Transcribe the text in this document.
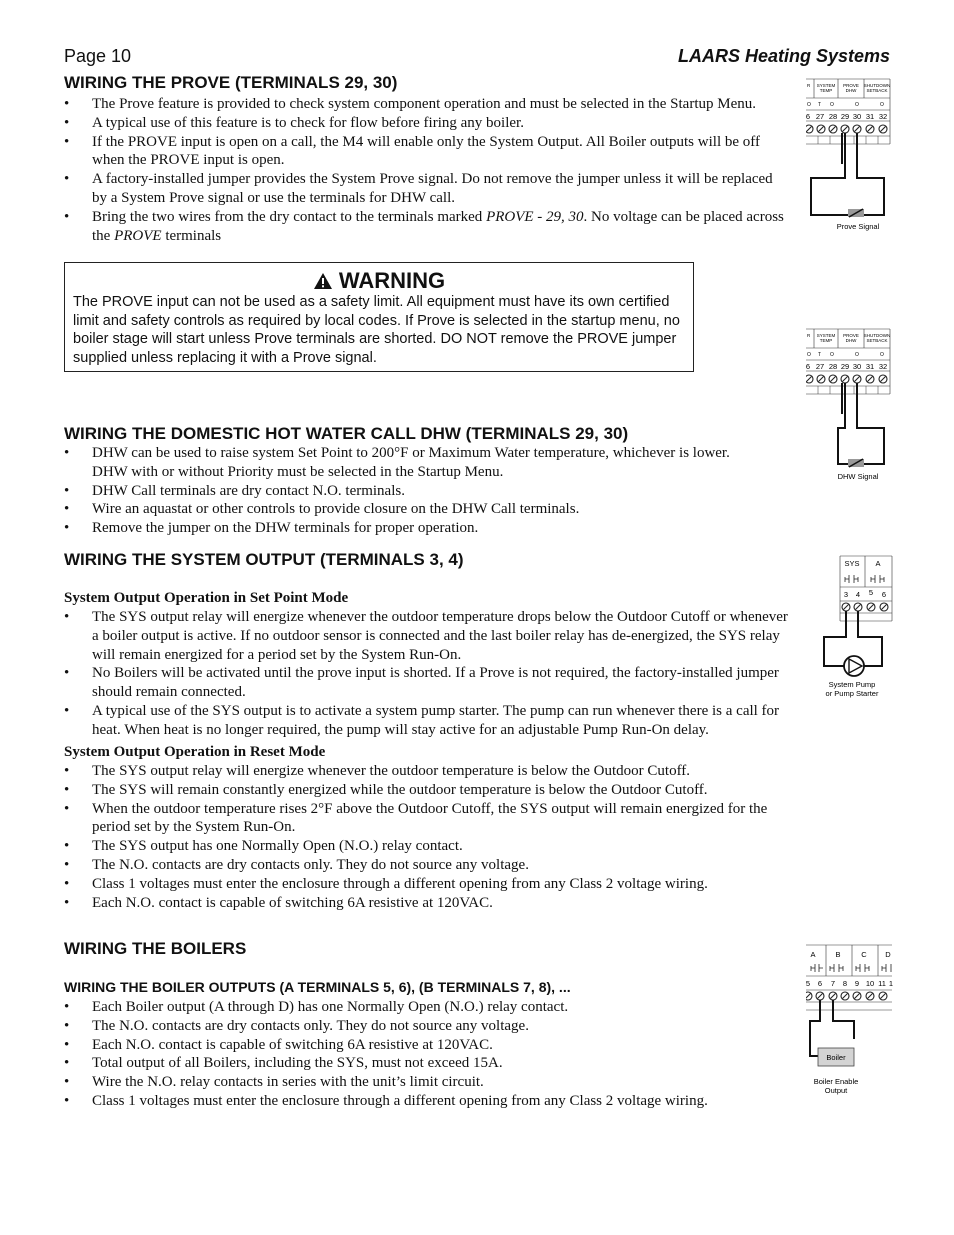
Page 10	LAARS Heating Systems
WIRING THE PROVE (TERMINALS 29, 30)
• The Prove feature is provided to check system component operation and must be selected in the Startup Menu.
• A typical use of this feature is to check for flow before firing any boiler.
• If the PROVE input is open on a call, the M4 will enable only the System Output. All Boiler outputs will be off when the PROVE input is open.
• A factory-installed jumper provides the System Prove signal. Do not remove the jumper unless it will be replaced by a System Prove signal or use the terminals for DHW call.
• Bring the two wires from the dry contact to the terminals marked PROVE - 29, 30. No voltage can be placed across the PROVE terminals
WARNING
The PROVE input can not be used as a safety limit. All equipment must have its own certified limit and safety controls as required by local codes. If Prove is selected in the startup menu, no boiler stage will start unless Prove terminals are shorted. DO NOT remove the PROVE jumper supplied unless replacing it with a Prove signal.
WIRING THE DOMESTIC HOT WATER CALL DHW (TERMINALS 29, 30)
• DHW can be used to raise system Set Point to 200°F or Maximum Water temperature, whichever is lower. DHW with or without Priority must be selected in the Startup Menu.
• DHW Call terminals are dry contact N.O. terminals.
• Wire an aquastat or other controls to provide closure on the DHW Call terminals.
• Remove the jumper on the DHW terminals for proper operation.
WIRING THE SYSTEM OUTPUT (TERMINALS 3, 4)
System Output Operation in Set Point Mode
• The SYS output relay will energize whenever the outdoor temperature drops below the Outdoor Cutoff or whenever a boiler output is active. If no outdoor sensor is connected and the last boiler relay has de-energized, the SYS relay will remain energized for a period set by the System Run-On.
• No Boilers will be activated until the prove input is shorted. If a Prove is not required, the factory-installed jumper should remain connected.
• A typical use of the SYS output is to activate a system pump starter. The pump can run whenever there is a call for heat. When heat is no longer required, the pump will stay active for an adjustable Pump Run-On delay.
System Output Operation in Reset Mode
• The SYS output relay will energize whenever the outdoor temperature is below the Outdoor Cutoff.
• The SYS will remain constantly energized while the outdoor temperature is below the Outdoor Cutoff.
• When the outdoor temperature rises 2°F above the Outdoor Cutoff, the SYS output will remain energized for the period set by the System Run-On.
• The SYS output has one Normally Open (N.O.) relay contact.
• The N.O. contacts are dry contacts only. They do not source any voltage.
• Class 1 voltages must enter the enclosure through a different opening from any Class 2 voltage wiring.
• Each N.O. contact is capable of switching 6A resistive at 120VAC.
WIRING THE BOILERS
WIRING THE BOILER OUTPUTS (A TERMINALS 5, 6), (B TERMINALS 7, 8), ...
• Each Boiler output (A through D) has one Normally Open (N.O.) relay contact.
• The N.O. contacts are dry contacts only. They do not source any voltage.
• Each N.O. contact is capable of switching 6A resistive at 120VAC.
• Total output of all Boilers, including the SYS, must not exceed 15A.
• Wire the N.O. relay contacts in series with the unit’s limit circuit.
• Class 1 voltages must enter the enclosure through a different opening from any Class 2 voltage wiring.
R SYSTEM
TEMP
PROVE
DHW
SHUTDOWN
SETBACK
O T O	O	O
6 27 28 29 30 31 32
Prove Signal
R SYSTEM
TEMP
PROVE
DHW
SHUTDOWN
SETBACK
O T O	O	O
6 27 28 29 30 31 32
DHW Signal
SYS A
3 4 5 6
System Pump
or Pump Starter
A	B	C D
5 6 7 8 9 10 11 1
Boiler
Boiler Enable
Output
